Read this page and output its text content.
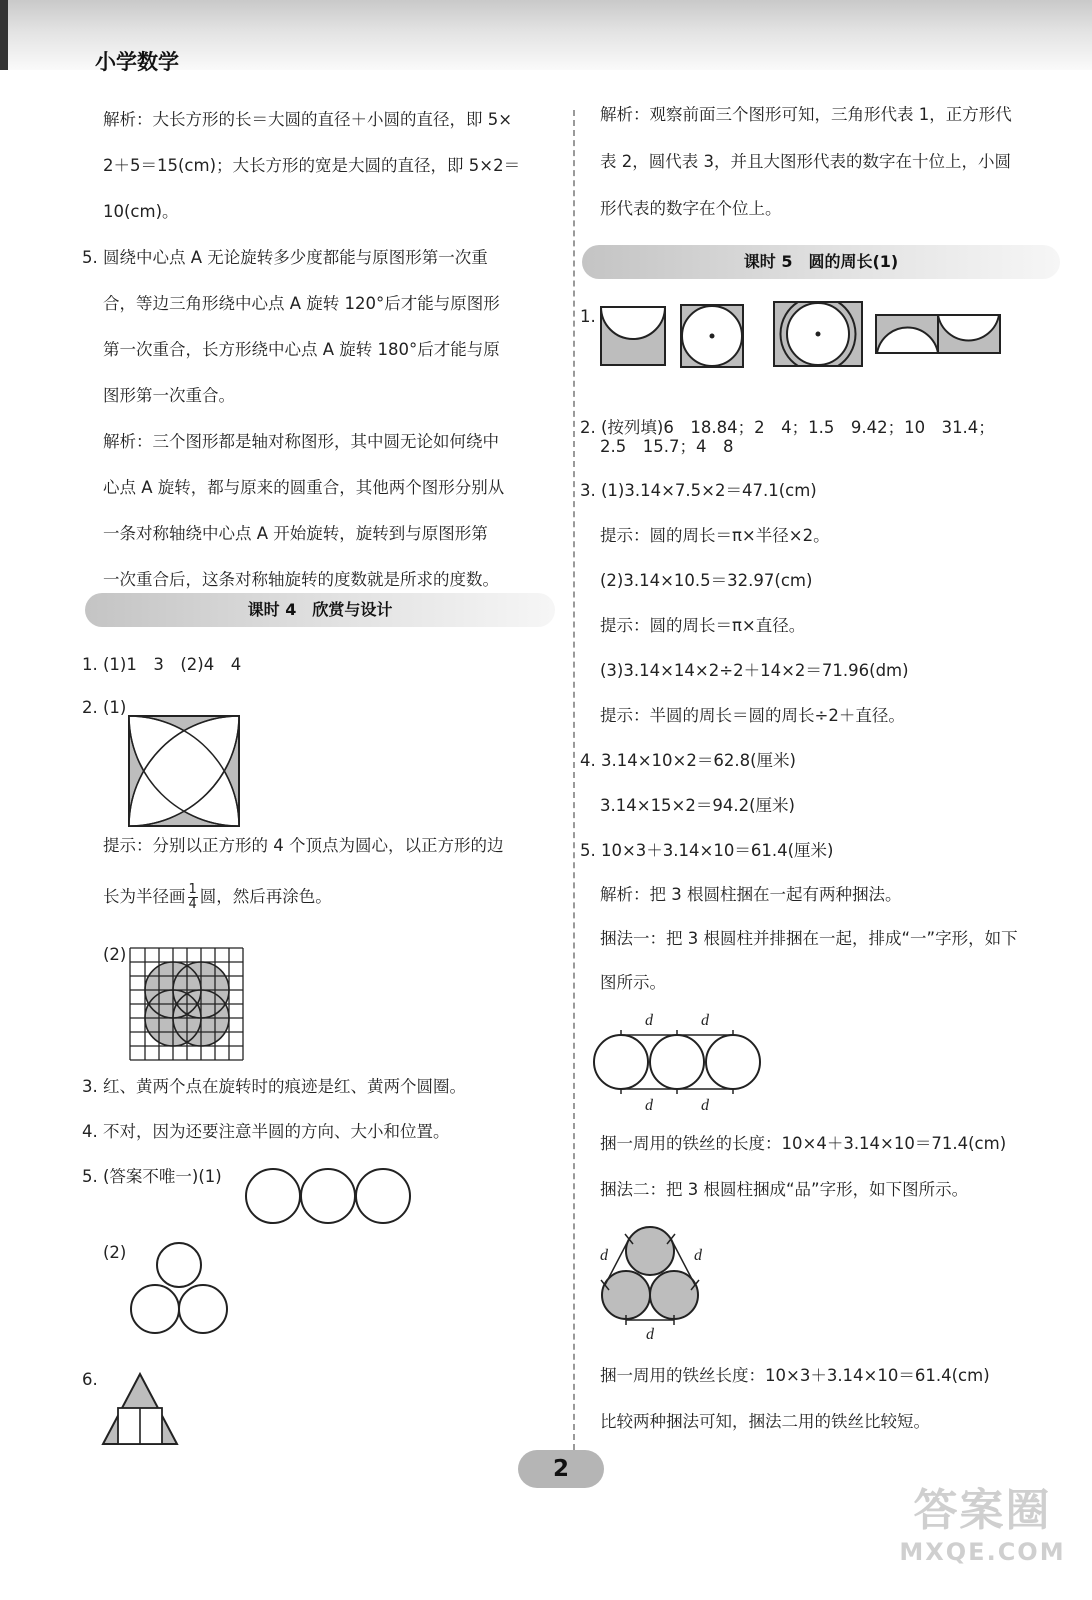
小学数学
解析：大长方形的长＝大圆的直径＋小圆的直径，即 5×
2＋5＝15(cm)；大长方形的宽是大圆的直径，即 5×2＝
10(cm)。
5. 圆绕中心点 A 无论旋转多少度都能与原图形第一次重
合，等边三角形绕中心点 A 旋转 120°后才能与原图形
第一次重合，长方形绕中心点 A 旋转 180°后才能与原
图形第一次重合。
解析：三个图形都是轴对称图形，其中圆无论如何绕中
心点 A 旋转，都与原来的圆重合，其他两个图形分别从
一条对称轴绕中心点 A 开始旋转，旋转到与原图形第
一次重合后，这条对称轴旋转的度数就是所求的度数。
课时 4　欣赏与设计
1. (1)1　3　(2)4　4
2. (1)
提示：分别以正方形的 4 个顶点为圆心，以正方形的边
长为半径画 $\frac{1}{4}$ 圆，然后再涂色。
(2)
3. 红、黄两个点在旋转时的痕迹是红、黄两个圆圈。
4. 不对，因为还要注意半圆的方向、大小和位置。
5. (答案不唯一)(1)
(2)
6.
解析：观察前面三个图形可知，三角形代表 1，正方形代
表 2，圆代表 3，并且大图形代表的数字在十位上，小圆
形代表的数字在个位上。
课时 5　圆的周长(1)
1.
2. (按列填)6　18.84；2　4；1.5　9.42；10　31.4；
2.5　15.7；4　8
3. (1)3.14×7.5×2＝47.1(cm)
提示：圆的周长＝π×半径×2。
(2)3.14×10.5＝32.97(cm)
提示：圆的周长＝π×直径。
(3)3.14×14×2÷2＋14×2＝71.96(dm)
提示：半圆的周长＝圆的周长÷2＋直径。
4. 3.14×10×2＝62.8(厘米)
3.14×15×2＝94.2(厘米)
5. 10×3＋3.14×10＝61.4(厘米)
解析：把 3 根圆柱捆在一起有两种捆法。
捆法一：把 3 根圆柱并排捆在一起，排成“一”字形，如下
图所示。
d	d
d	d
捆一周用的铁丝的长度：10×4＋3.14×10＝71.4(cm)
捆法二：把 3 根圆柱捆成“品”字形，如下图所示。
d	d
d
捆一周用的铁丝长度：10×3＋3.14×10＝61.4(cm)
比较两种捆法可知，捆法二用的铁丝比较短。
2
答案圈
MXQE.COM
